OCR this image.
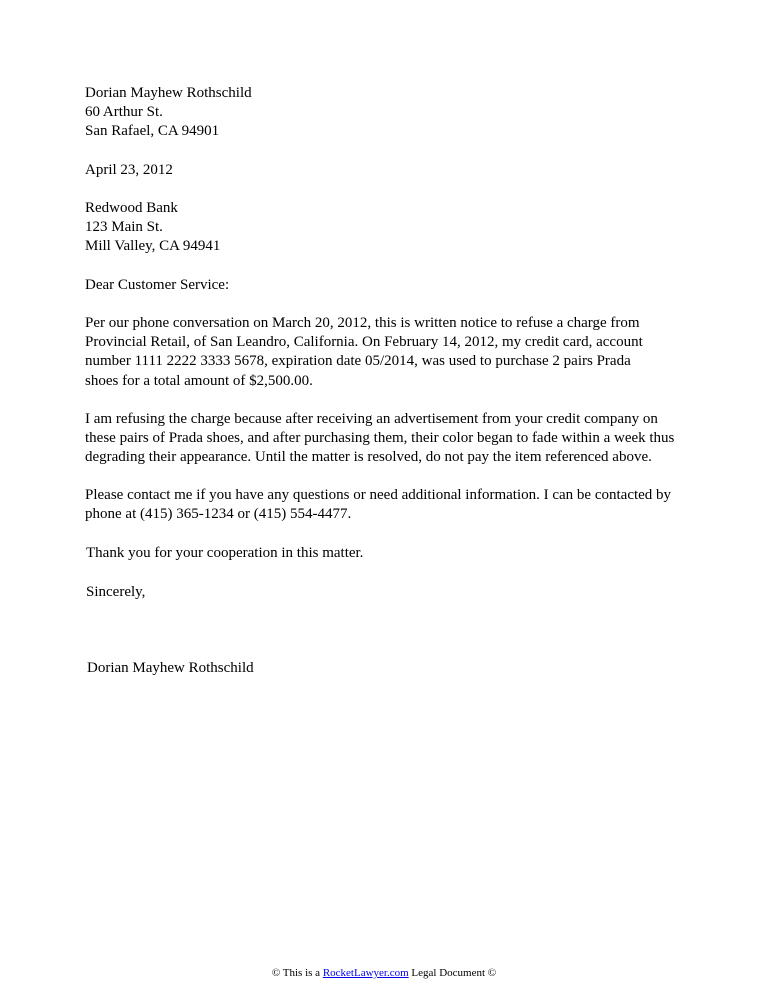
Dorian Mayhew Rothschild
60 Arthur St.
San Rafael, CA 94901
April 23, 2012
Redwood Bank
123 Main St.
Mill Valley, CA 94941
Dear Customer Service:
Per our phone conversation on March 20, 2012, this is written notice to refuse a charge from
Provincial Retail, of San Leandro, California. On February 14, 2012, my credit card, account
number 1111 2222 3333 5678, expiration date 05/2014, was used to purchase 2 pairs Prada
shoes for a total amount of $2,500.00.
I am refusing the charge because after receiving an advertisement from your credit company on
these pairs of Prada shoes, and after purchasing them, their color began to fade within a week thus
degrading their appearance. Until the matter is resolved, do not pay the item referenced above.
Please contact me if you have any questions or need additional information. I can be contacted by
phone at (415) 365-1234 or (415) 554-4477.
Thank you for your cooperation in this matter.
Sincerely,
Dorian Mayhew Rothschild
© This is a RocketLawyer.com Legal Document ©
